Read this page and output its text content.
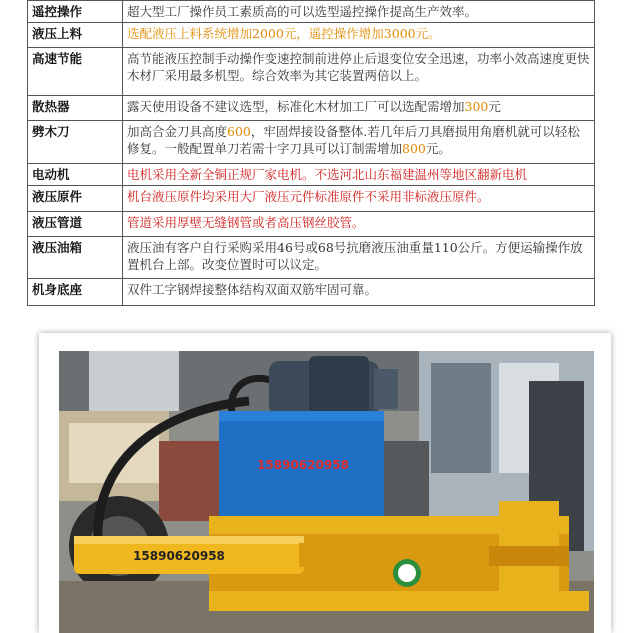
遥控操作	超大型工厂操作员工素质高的可以选型遥控操作提高生产效率。
液压上料	选配液压上料系统增加2000元，遥控操作增加3000元。
高速节能	高节能液压控制手动操作变速控制前进停止后退变位安全迅速，功率小效高速度更快木材厂采用最多机型。综合效率为其它装置两倍以上。
散热器	露天使用设备不建议选型，标准化木材加工厂可以选配需增加300元
劈木刀	加高合金刀具高度600，牢固焊接设备整体.若几年后刀具磨损用角磨机就可以轻松修复。一般配置单刀若需十字刀具可以订制需增加800元。
电动机	电机采用全新全铜正规厂家电机。不选河北山东福建温州等地区翻新电机
液压原件	机台液压原件均采用大厂液压元件标准原件不采用非标液压原件。
液压管道	管道采用厚壁无缝钢管或者高压钢丝胶管。
液压油箱	液压油有客户自行采购采用46号或68号抗磨液压油重量110公斤。方便运输操作放置机台上部。改变位置时可以议定。
机身底座	双件工字钢焊接整体结构双面双筋牢固可靠。
15890620958
15890620958
